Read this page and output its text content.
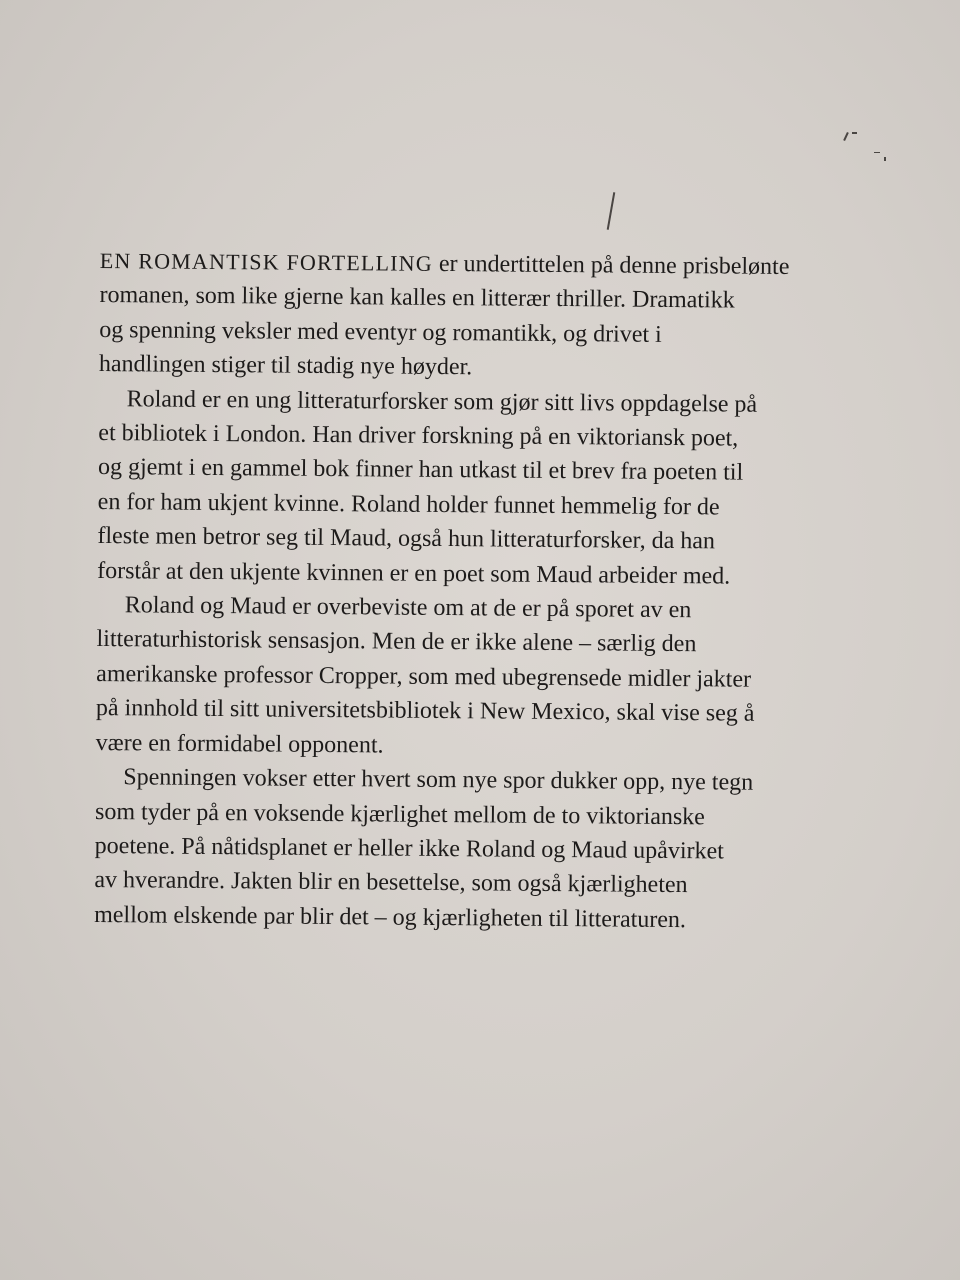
EN ROMANTISK FORTELLING er undertittelen på denne prisbelønte
romanen, som like gjerne kan kalles en litterær thriller. Dramatikk
og spenning veksler med eventyr og romantikk, og drivet i
handlingen stiger til stadig nye høyder.

Roland er en ung litteraturforsker som gjør sitt livs oppdagelse på
et bibliotek i London. Han driver forskning på en viktoriansk poet,
og gjemt i en gammel bok finner han utkast til et brev fra poeten til
en for ham ukjent kvinne. Roland holder funnet hemmelig for de
fleste men betror seg til Maud, også hun litteraturforsker, da han
forstår at den ukjente kvinnen er en poet som Maud arbeider med.

Roland og Maud er overbeviste om at de er på sporet av en
litteraturhistorisk sensasjon. Men de er ikke alene – særlig den
amerikanske professor Cropper, som med ubegrensede midler jakter
på innhold til sitt universitetsbibliotek i New Mexico, skal vise seg å
være en formidabel opponent.

Spenningen vokser etter hvert som nye spor dukker opp, nye tegn
som tyder på en voksende kjærlighet mellom de to viktorianske
poetene. På nåtidsplanet er heller ikke Roland og Maud upåvirket
av hverandre. Jakten blir en besettelse, som også kjærligheten
mellom elskende par blir det – og kjærligheten til litteraturen.
